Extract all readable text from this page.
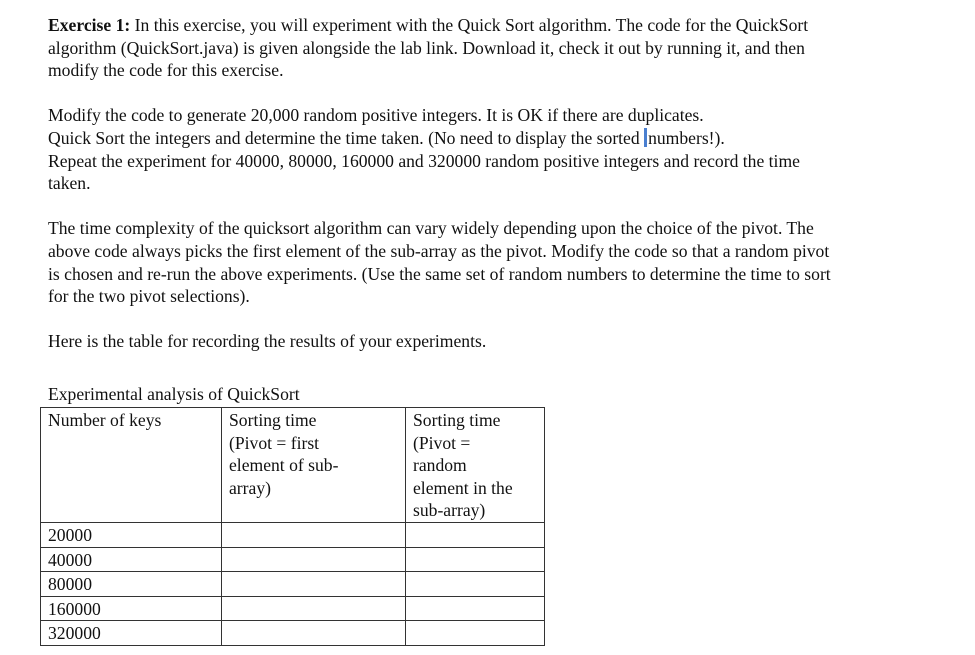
Exercise 1: In this exercise, you will experiment with the Quick Sort algorithm. The code for the QuickSort
algorithm (QuickSort.java) is given alongside the lab link. Download it, check it out by running it, and then
modify the code for this exercise.

Modify the code to generate 20,000 random positive integers. It is OK if there are duplicates.
Quick Sort the integers and determine the time taken. (No need to display the sorted numbers!).
Repeat the experiment for 40000, 80000, 160000 and 320000 random positive integers and record the time
taken.

The time complexity of the quicksort algorithm can vary widely depending upon the choice of the pivot. The
above code always picks the first element of the sub-array as the pivot. Modify the code so that a random pivot
is chosen and re-run the above experiments. (Use the same set of random numbers to determine the time to sort
for the two pivot selections).

Here is the table for recording the results of your experiments.

Experimental analysis of QuickSort
Number of keys	Sorting time
(Pivot = first
element of sub-
array)	Sorting time
(Pivot =
random
element in the
sub-array)

20000		
40000		
80000		
160000		
320000		
